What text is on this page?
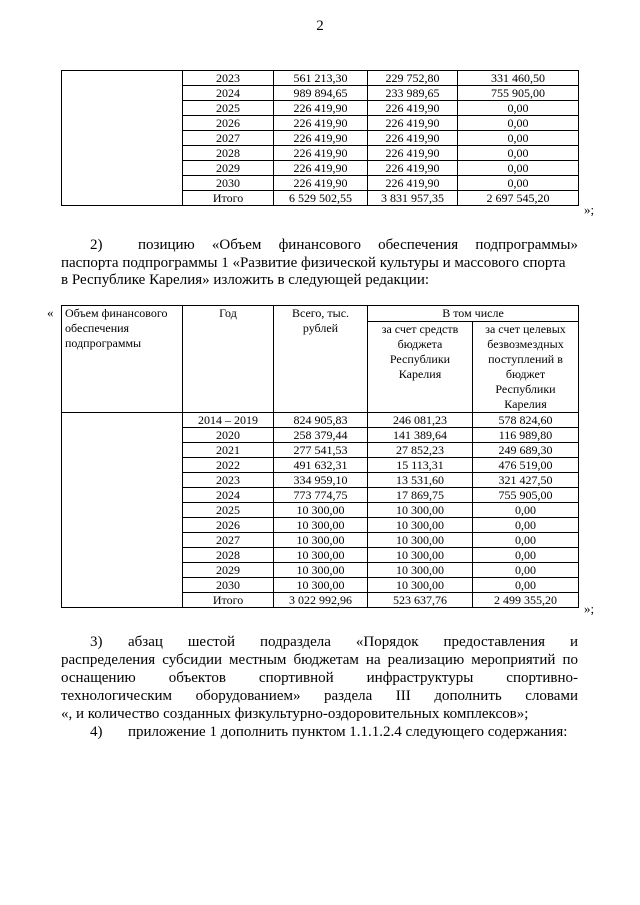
2
	2023	561 213,30	229 752,80	331 460,50
	2024	989 894,65	233 989,65	755 905,00
	2025	226 419,90	226 419,90	0,00
	2026	226 419,90	226 419,90	0,00
	2027	226 419,90	226 419,90	0,00
	2028	226 419,90	226 419,90	0,00
	2029	226 419,90	226 419,90	0,00
	2030	226 419,90	226 419,90	0,00
	Итого	6 529 502,55	3 831 957,35	2 697 545,20
»;
2) позицию «Объем финансового обеспечения подпрограммы»
паспорта подпрограммы 1 «Развитие физической культуры и массового спорта
в Республике Карелия» изложить в следующей редакции:
« Объем финансового обеспечения подпрограммы	Год	Всего, тыс. рублей	В том числе	
			за счет средств бюджета Республики Карелия	за счет целевых безвозмездных поступлений в бюджет Республики Карелия

	2014 – 2019	824 905,83	246 081,23	578 824,60
	2020	258 379,44	141 389,64	116 989,80
	2021	277 541,53	27 852,23	249 689,30
	2022	491 632,31	15 113,31	476 519,00
	2023	334 959,10	13 531,60	321 427,50
	2024	773 774,75	17 869,75	755 905,00
	2025	10 300,00	10 300,00	0,00
	2026	10 300,00	10 300,00	0,00
	2027	10 300,00	10 300,00	0,00
	2028	10 300,00	10 300,00	0,00
	2029	10 300,00	10 300,00	0,00
	2030	10 300,00	10 300,00	0,00
	Итого	3 022 992,96	523 637,76	2 499 355,20
»;
3) абзац шестой подраздела «Порядок предоставления и
распределения субсидии местным бюджетам на реализацию мероприятий по
оснащению объектов спортивной инфраструктуры спортивно-
технологическим оборудованием» раздела III дополнить словами
«, и количество созданных физкультурно-оздоровительных комплексов»;
4) приложение 1 дополнить пунктом 1.1.1.2.4 следующего содержания:
